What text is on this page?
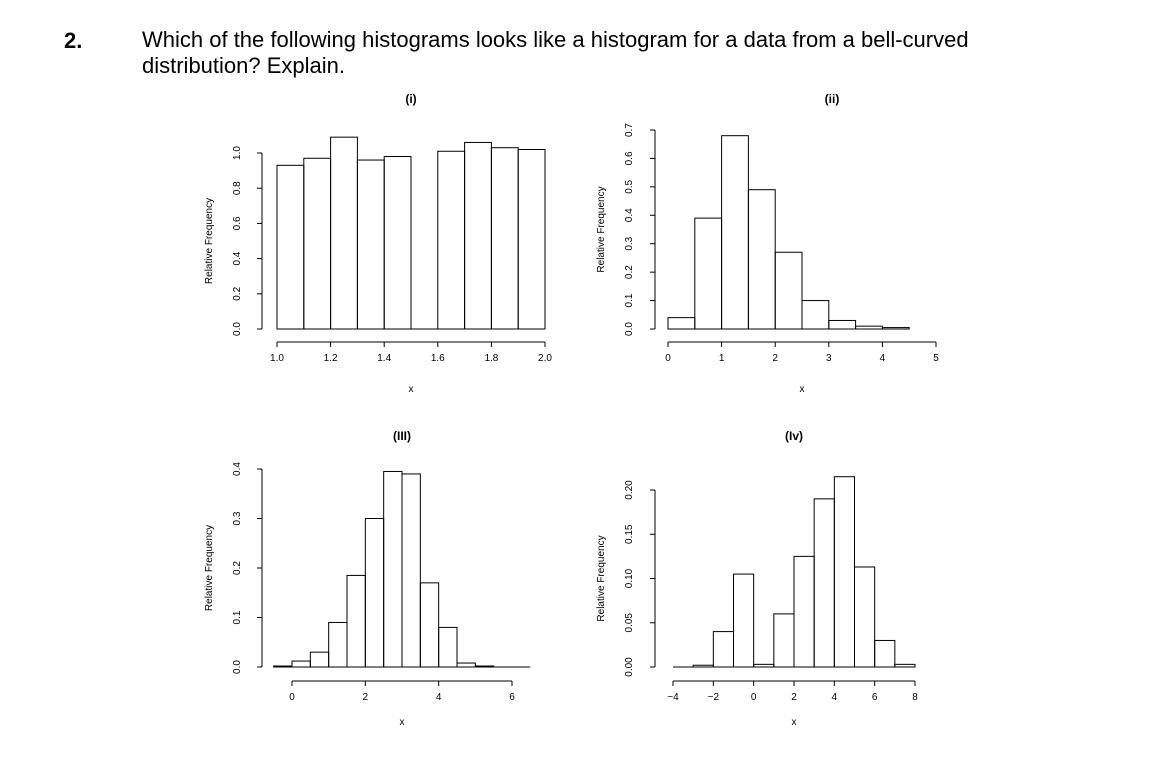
2.	Which of the following histograms looks like a histogram for a data from a bell-curved distribution? Explain.
(i)
0.0
0.2
0.4
0.6
0.8
1.0
1.0	1.2	1.4	1.6	1.8	2.0
x
Relative Frequency
(ii)
0.0
0.1
0.2
0.3
0.4
0.5
0.6
0.7
0	1	2	3	4	5
x
Relative Frequency
(III)
0.0
0.1
0.2
0.3
0.4
0	2	4	6
x
Relative Frequency
(Iv)
0.00
0.05
0.10
0.15
0.20
−4	−2	0	2	4	6	8
x
Relative Frequency
